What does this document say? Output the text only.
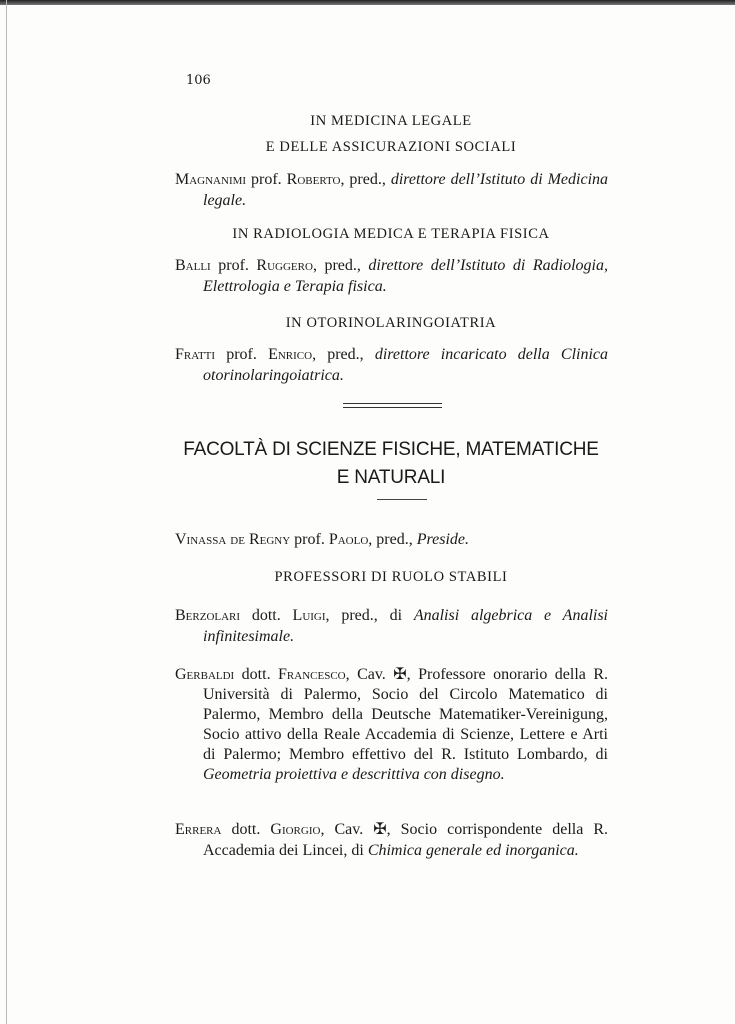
106
IN MEDICINA LEGALE
E DELLE ASSICURAZIONI SOCIALI
Magnanimi prof. Roberto, pred., direttore dell’Istituto di Medicina legale.
IN RADIOLOGIA MEDICA E TERAPIA FISICA
Balli prof. Ruggero, pred., direttore dell’Istituto di Radiologia, Elettrologia e Terapia fisica.
IN OTORINOLARINGOIATRIA
Fratti prof. Enrico, pred., direttore incaricato della Clinica otorinolaringoiatrica.
FACOLTÀ DI SCIENZE FISICHE, MATEMATICHE
E NATURALI
Vinassa de Regny prof. Paolo, pred., Preside.
PROFESSORI DI RUOLO STABILI
Berzolari dott. Luigi, pred., di Analisi algebrica e Analisi infinitesimale.
Gerbaldi dott. Francesco, Cav. ✠, Professore onorario della R. Università di Palermo, Socio del Circolo Matematico di Palermo, Membro della Deutsche Matematiker-Vereinigung, Socio attivo della Reale Accademia di Scienze, Lettere e Arti di Palermo; Membro effettivo del R. Istituto Lombardo, di Geometria proiettiva e descrittiva con disegno.
Errera dott. Giorgio, Cav. ✠, Socio corrispondente della R. Accademia dei Lincei, di Chimica generale ed inorganica.
